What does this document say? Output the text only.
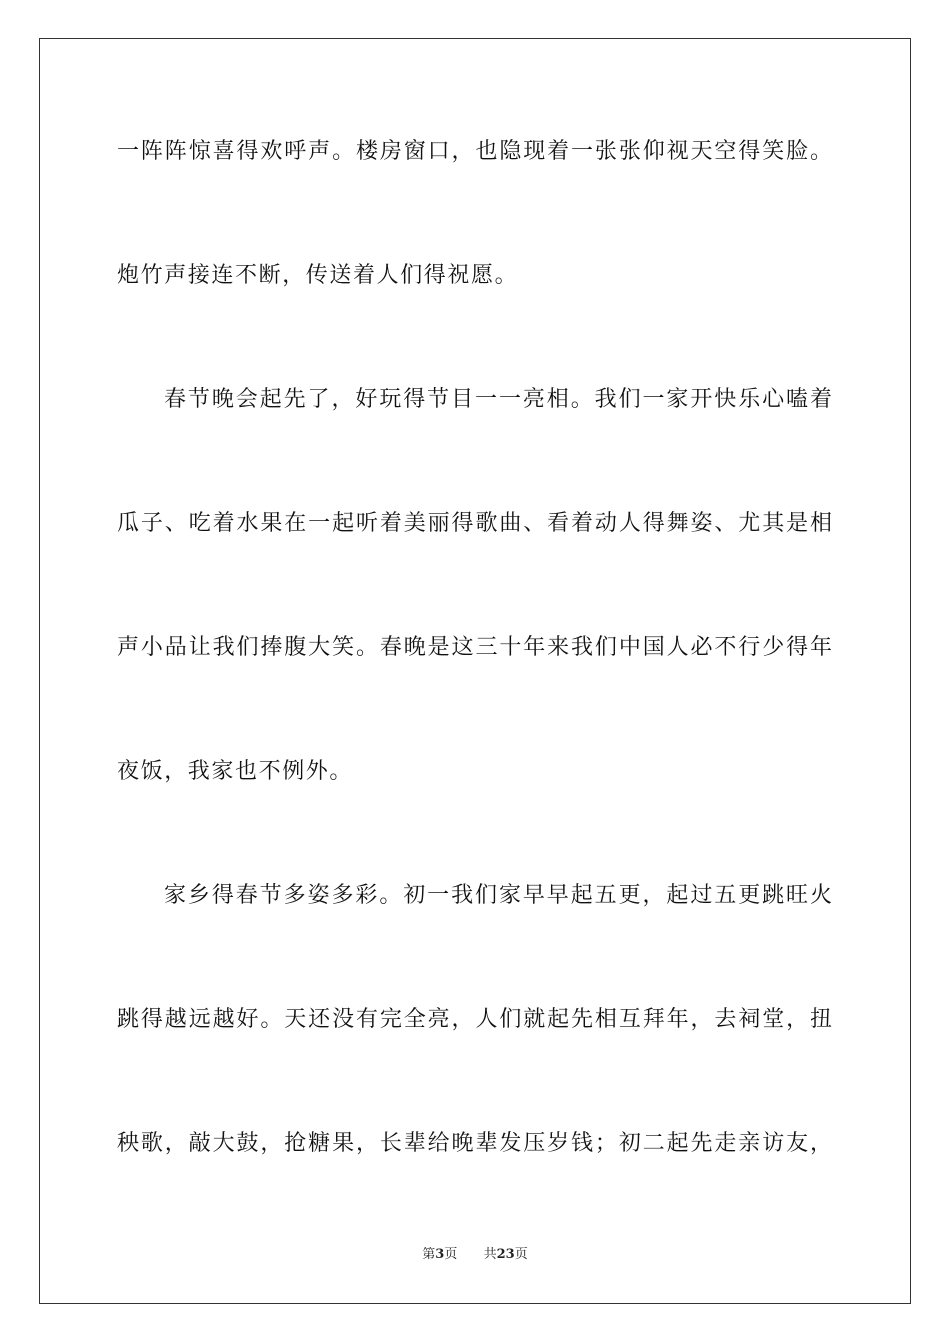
一阵阵惊喜得欢呼声。楼房窗口，也隐现着一张张仰视天空得笑脸。
炮竹声接连不断，传送着人们得祝愿。
春节晚会起先了，好玩得节目一一亮相。我们一家开快乐心嗑着
瓜子、吃着水果在一起听着美丽得歌曲、看着动人得舞姿、尤其是相
声小品让我们捧腹大笑。春晚是这三十年来我们中国人必不行少得年
夜饭，我家也不例外。
家乡得春节多姿多彩。初一我们家早早起五更，起过五更跳旺火
跳得越远越好。天还没有完全亮，人们就起先相互拜年，去祠堂，扭
秧歌，敲大鼓，抢糖果，长辈给晚辈发压岁钱；初二起先走亲访友，
第3页 共23页
